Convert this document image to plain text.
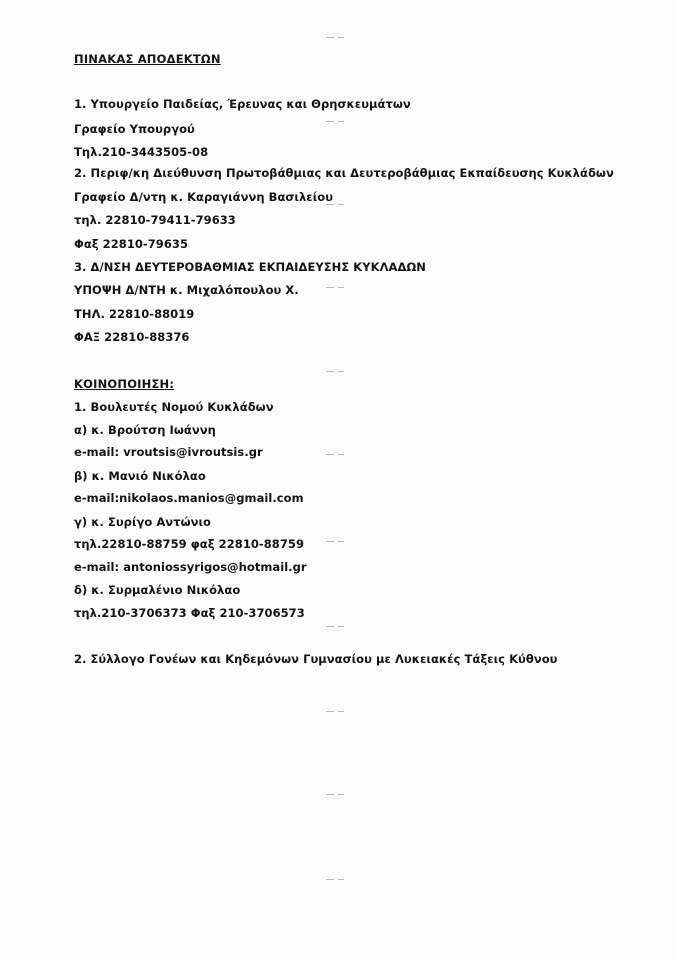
ΠΙΝΑΚΑΣ ΑΠΟΔΕΚΤΩΝ
1. Υπουργείο Παιδείας, Έρευνας και Θρησκευμάτων
Γραφείο Υπουργού
Τηλ.210-3443505-08
2. Περιφ/κη Διεύθυνση Πρωτοβάθμιας και Δευτεροβάθμιας Εκπαίδευσης Κυκλάδων
Γραφείο Δ/ντη κ. Καραγιάννη Βασιλείου
τηλ. 22810-79411-79633
Φαξ 22810-79635
3. Δ/ΝΣΗ ΔΕΥΤΕΡΟΒΑΘΜΙΑΣ ΕΚΠΑΙΔΕΥΣΗΣ ΚΥΚΛΑΔΩΝ
ΥΠΟΨΗ Δ/ΝΤΗ κ. Μιχαλόπουλου Χ.
ΤΗΛ. 22810-88019
ΦΑΞ 22810-88376
ΚΟΙΝΟΠΟΙΗΣΗ:
1. Βουλευτές Νομού Κυκλάδων
α) κ. Βρούτση Ιωάννη
e-mail: vroutsis@ivroutsis.gr
β) κ. Μανιό Νικόλαο
e-mail:nikolaos.manios@gmail.com
γ) κ. Συρίγο Αντώνιο
τηλ.22810-88759 φαξ 22810-88759
e-mail: antoniossyrigos@hotmail.gr
δ) κ. Συρμαλένιο Νικόλαο
τηλ.210-3706373 Φαξ 210-3706573
2. Σύλλογο Γονέων και Κηδεμόνων Γυμνασίου με Λυκειακές Τάξεις Κύθνου
